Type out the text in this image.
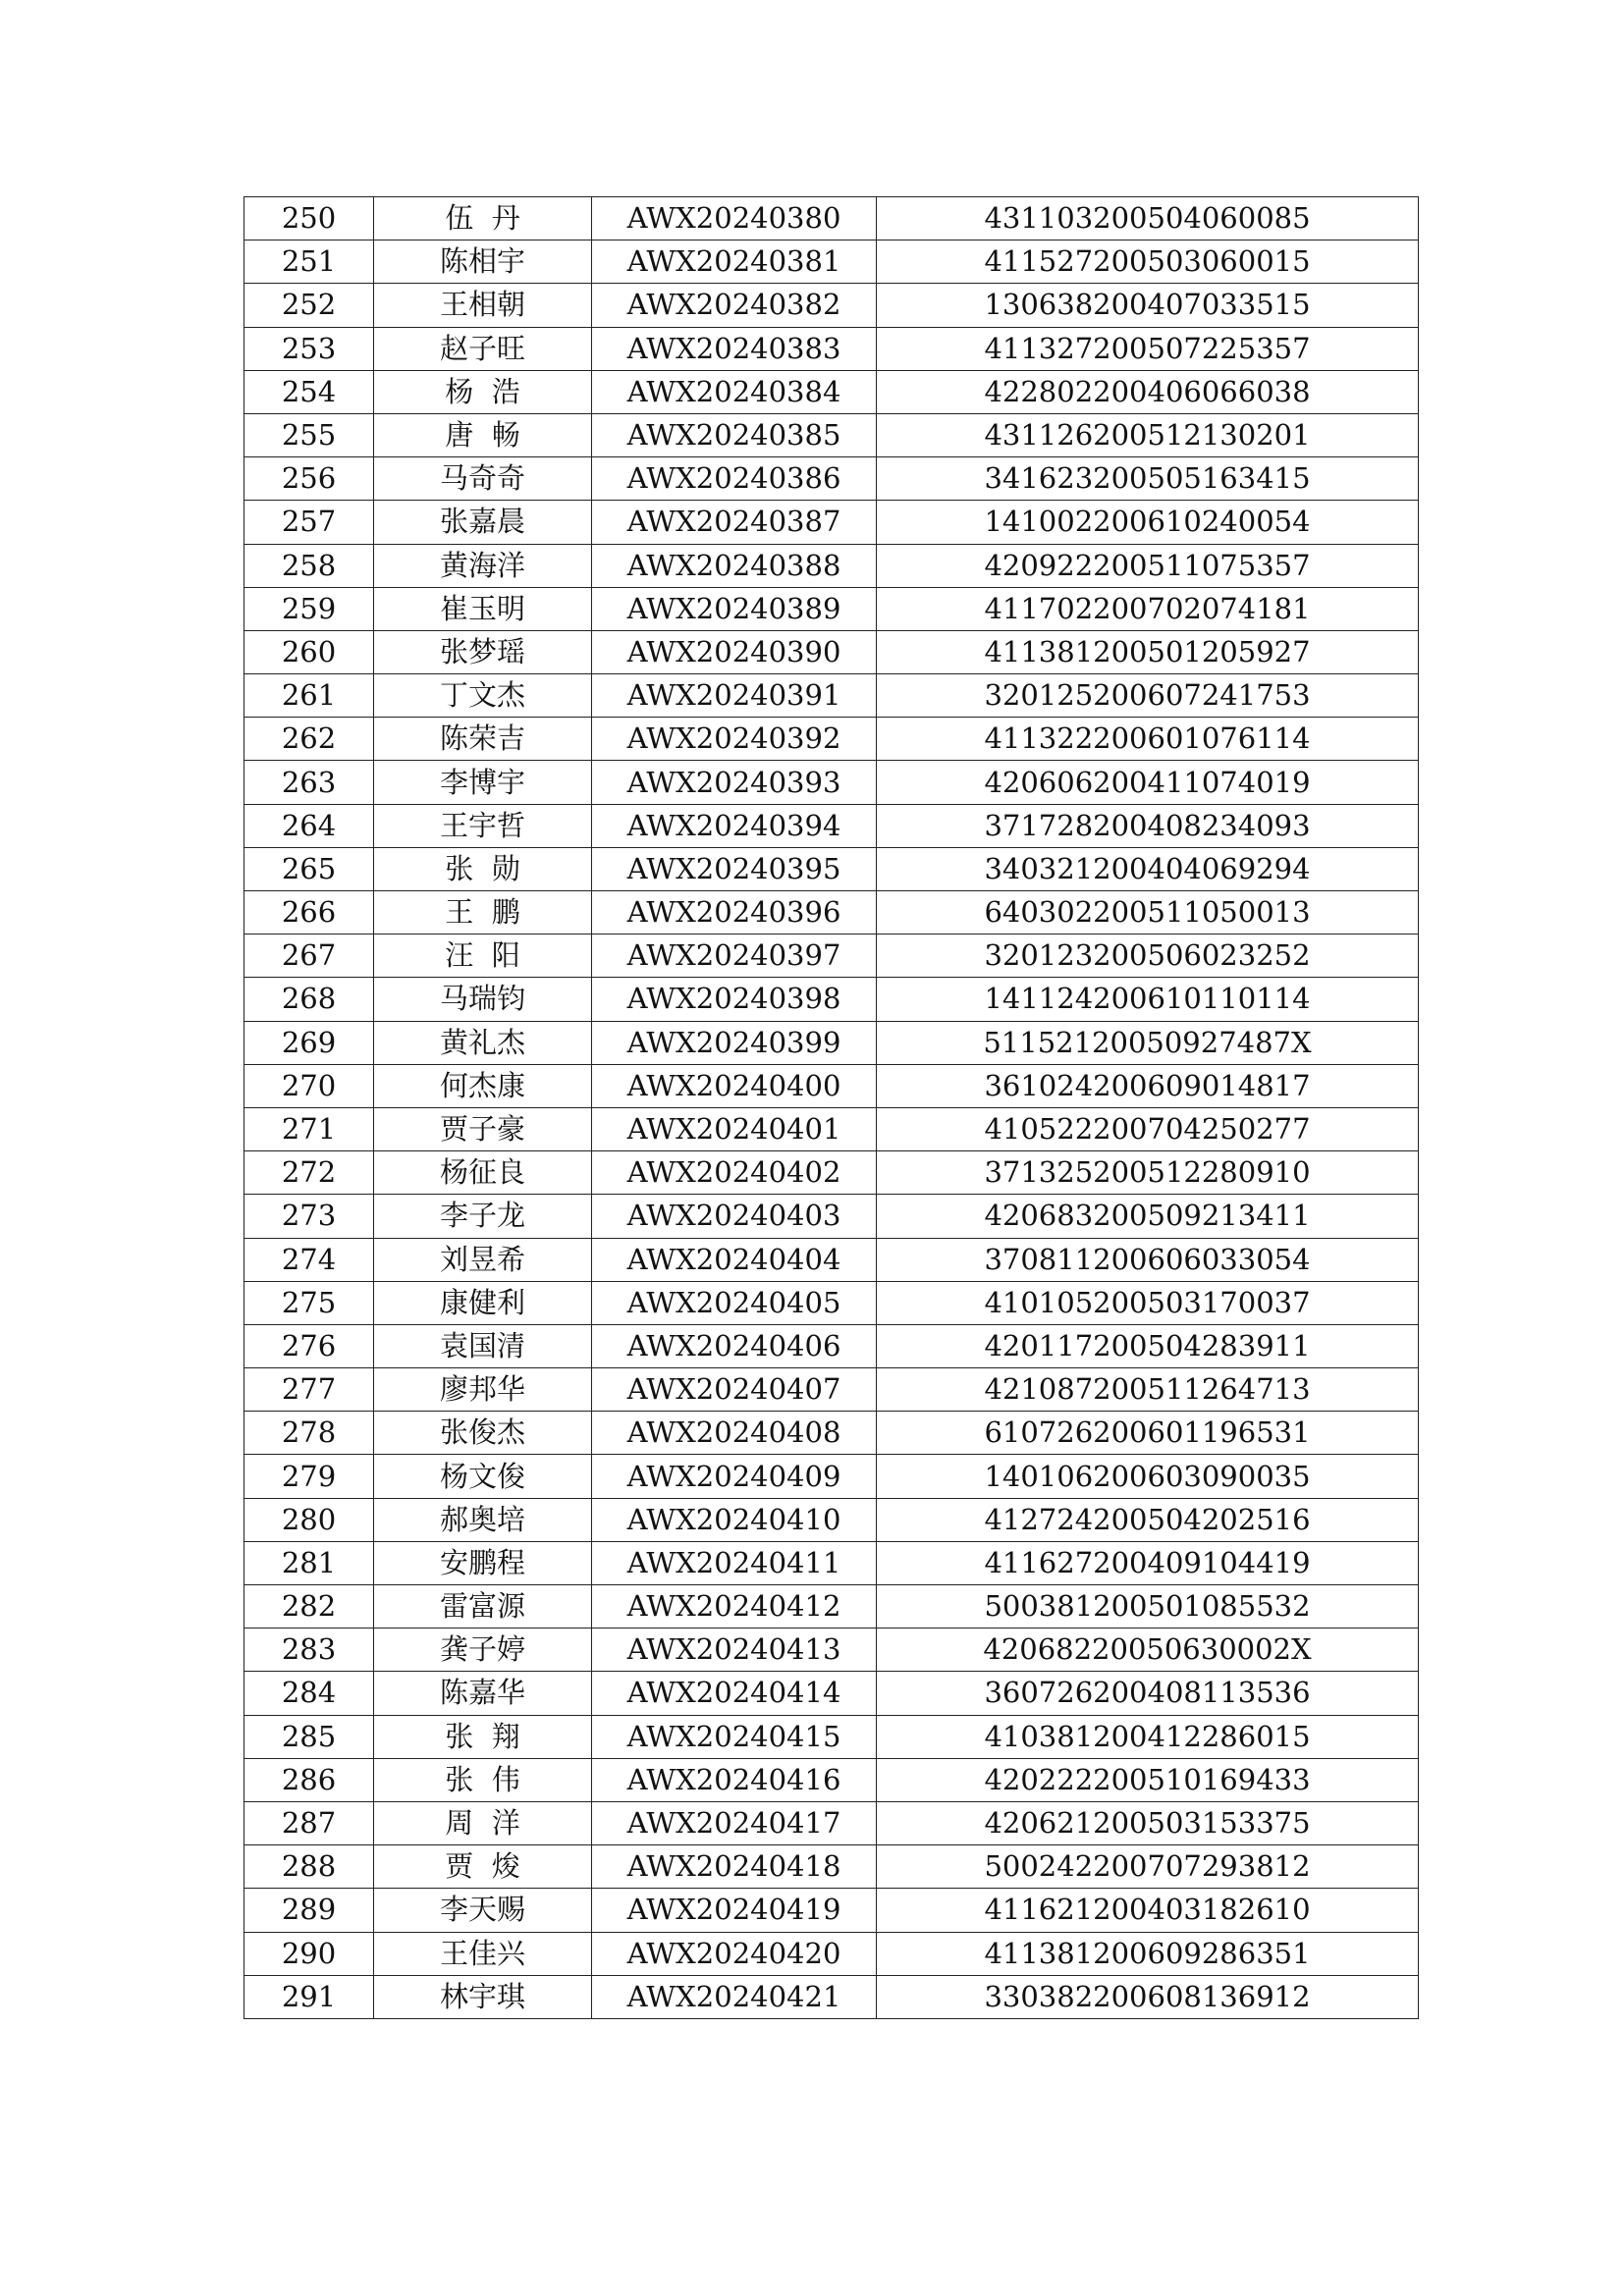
250	伍  丹	AWX20240380	431103200504060085
251	陈相宇	AWX20240381	411527200503060015
252	王相朝	AWX20240382	130638200407033515
253	赵子旺	AWX20240383	411327200507225357
254	杨  浩	AWX20240384	422802200406066038
255	唐  畅	AWX20240385	431126200512130201
256	马奇奇	AWX20240386	341623200505163415
257	张嘉晨	AWX20240387	141002200610240054
258	黄海洋	AWX20240388	420922200511075357
259	崔玉明	AWX20240389	411702200702074181
260	张梦瑶	AWX20240390	411381200501205927
261	丁文杰	AWX20240391	320125200607241753
262	陈荣吉	AWX20240392	411322200601076114
263	李博宇	AWX20240393	420606200411074019
264	王宇哲	AWX20240394	371728200408234093
265	张  勋	AWX20240395	340321200404069294
266	王  鹏	AWX20240396	640302200511050013
267	汪  阳	AWX20240397	320123200506023252
268	马瑞钧	AWX20240398	141124200610110114
269	黄礼杰	AWX20240399	51152120050927487X
270	何杰康	AWX20240400	361024200609014817
271	贾子豪	AWX20240401	410522200704250277
272	杨征良	AWX20240402	371325200512280910
273	李子龙	AWX20240403	420683200509213411
274	刘昱希	AWX20240404	370811200606033054
275	康健利	AWX20240405	410105200503170037
276	袁国清	AWX20240406	420117200504283911
277	廖邦华	AWX20240407	421087200511264713
278	张俊杰	AWX20240408	610726200601196531
279	杨文俊	AWX20240409	140106200603090035
280	郝奥培	AWX20240410	412724200504202516
281	安鹏程	AWX20240411	411627200409104419
282	雷富源	AWX20240412	500381200501085532
283	龚子婷	AWX20240413	42068220050630002X
284	陈嘉华	AWX20240414	360726200408113536
285	张  翔	AWX20240415	410381200412286015
286	张  伟	AWX20240416	420222200510169433
287	周  洋	AWX20240417	420621200503153375
288	贾  焌	AWX20240418	500242200707293812
289	李天赐	AWX20240419	411621200403182610
290	王佳兴	AWX20240420	411381200609286351
291	林宇琪	AWX20240421	330382200608136912
